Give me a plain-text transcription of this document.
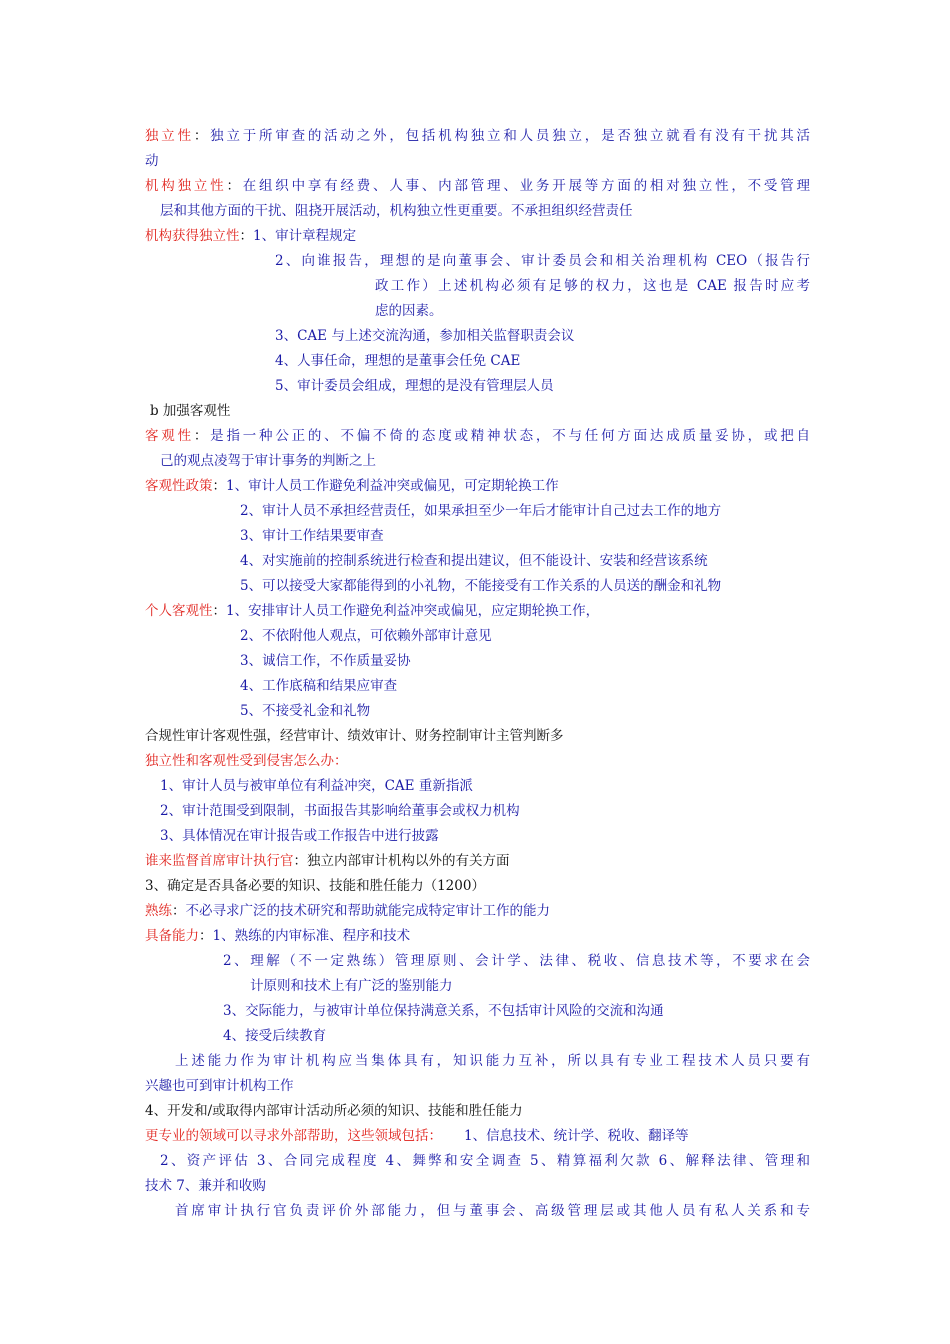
独立性：独立于所审查的活动之外，包括机构独立和人员独立，是否独立就看有没有干扰其活
动
机构独立性：在组织中享有经费、人事、内部管理、业务开展等方面的相对独立性，不受管理
层和其他方面的干扰、阻挠开展活动，机构独立性更重要。不承担组织经营责任
机构获得独立性：1、审计章程规定
2、向谁报告，理想的是向董事会、审计委员会和相关治理机构 CEO（报告行
政工作）上述机构必须有足够的权力，这也是 CAE 报告时应考
虑的因素。
3、CAE 与上述交流沟通，参加相关监督职责会议
4、人事任命，理想的是董事会任免 CAE
5、审计委员会组成，理想的是没有管理层人员
b 加强客观性
客观性：是指一种公正的、不偏不倚的态度或精神状态，不与任何方面达成质量妥协，或把自
己的观点凌驾于审计事务的判断之上
客观性政策：1、审计人员工作避免利益冲突或偏见，可定期轮换工作
2、审计人员不承担经营责任，如果承担至少一年后才能审计自己过去工作的地方
3、审计工作结果要审查
4、对实施前的控制系统进行检查和提出建议，但不能设计、安装和经营该系统
5、可以接受大家都能得到的小礼物，不能接受有工作关系的人员送的酬金和礼物
个人客观性：1、安排审计人员工作避免利益冲突或偏见，应定期轮换工作，
2、不依附他人观点，可依赖外部审计意见
3、诚信工作，不作质量妥协
4、工作底稿和结果应审查
5、不接受礼金和礼物
合规性审计客观性强，经营审计、绩效审计、财务控制审计主管判断多
独立性和客观性受到侵害怎么办：
1、审计人员与被审单位有利益冲突，CAE 重新指派
2、审计范围受到限制，书面报告其影响给董事会或权力机构
3、具体情况在审计报告或工作报告中进行披露
谁来监督首席审计执行官：独立内部审计机构以外的有关方面
3、确定是否具备必要的知识、技能和胜任能力（1200）
熟练：不必寻求广泛的技术研究和帮助就能完成特定审计工作的能力
具备能力：1、熟练的内审标准、程序和技术
2、理解（不一定熟练）管理原则、会计学、法律、税收、信息技术等，不要求在会
计原则和技术上有广泛的鉴别能力
3、交际能力，与被审计单位保持满意关系，不包括审计风险的交流和沟通
4、接受后续教育
上述能力作为审计机构应当集体具有，知识能力互补，所以具有专业工程技术人员只要有
兴趣也可到审计机构工作
4、开发和/或取得内部审计活动所必须的知识、技能和胜任能力
更专业的领域可以寻求外部帮助，这些领域包括： 1、信息技术、统计学、税收、翻译等
2、资产评估 3、合同完成程度 4、舞弊和安全调查 5、精算福利欠款 6、解释法律、管理和
技术 7、兼并和收购
首席审计执行官负责评价外部能力，但与董事会、高级管理层或其他人员有私人关系和专
